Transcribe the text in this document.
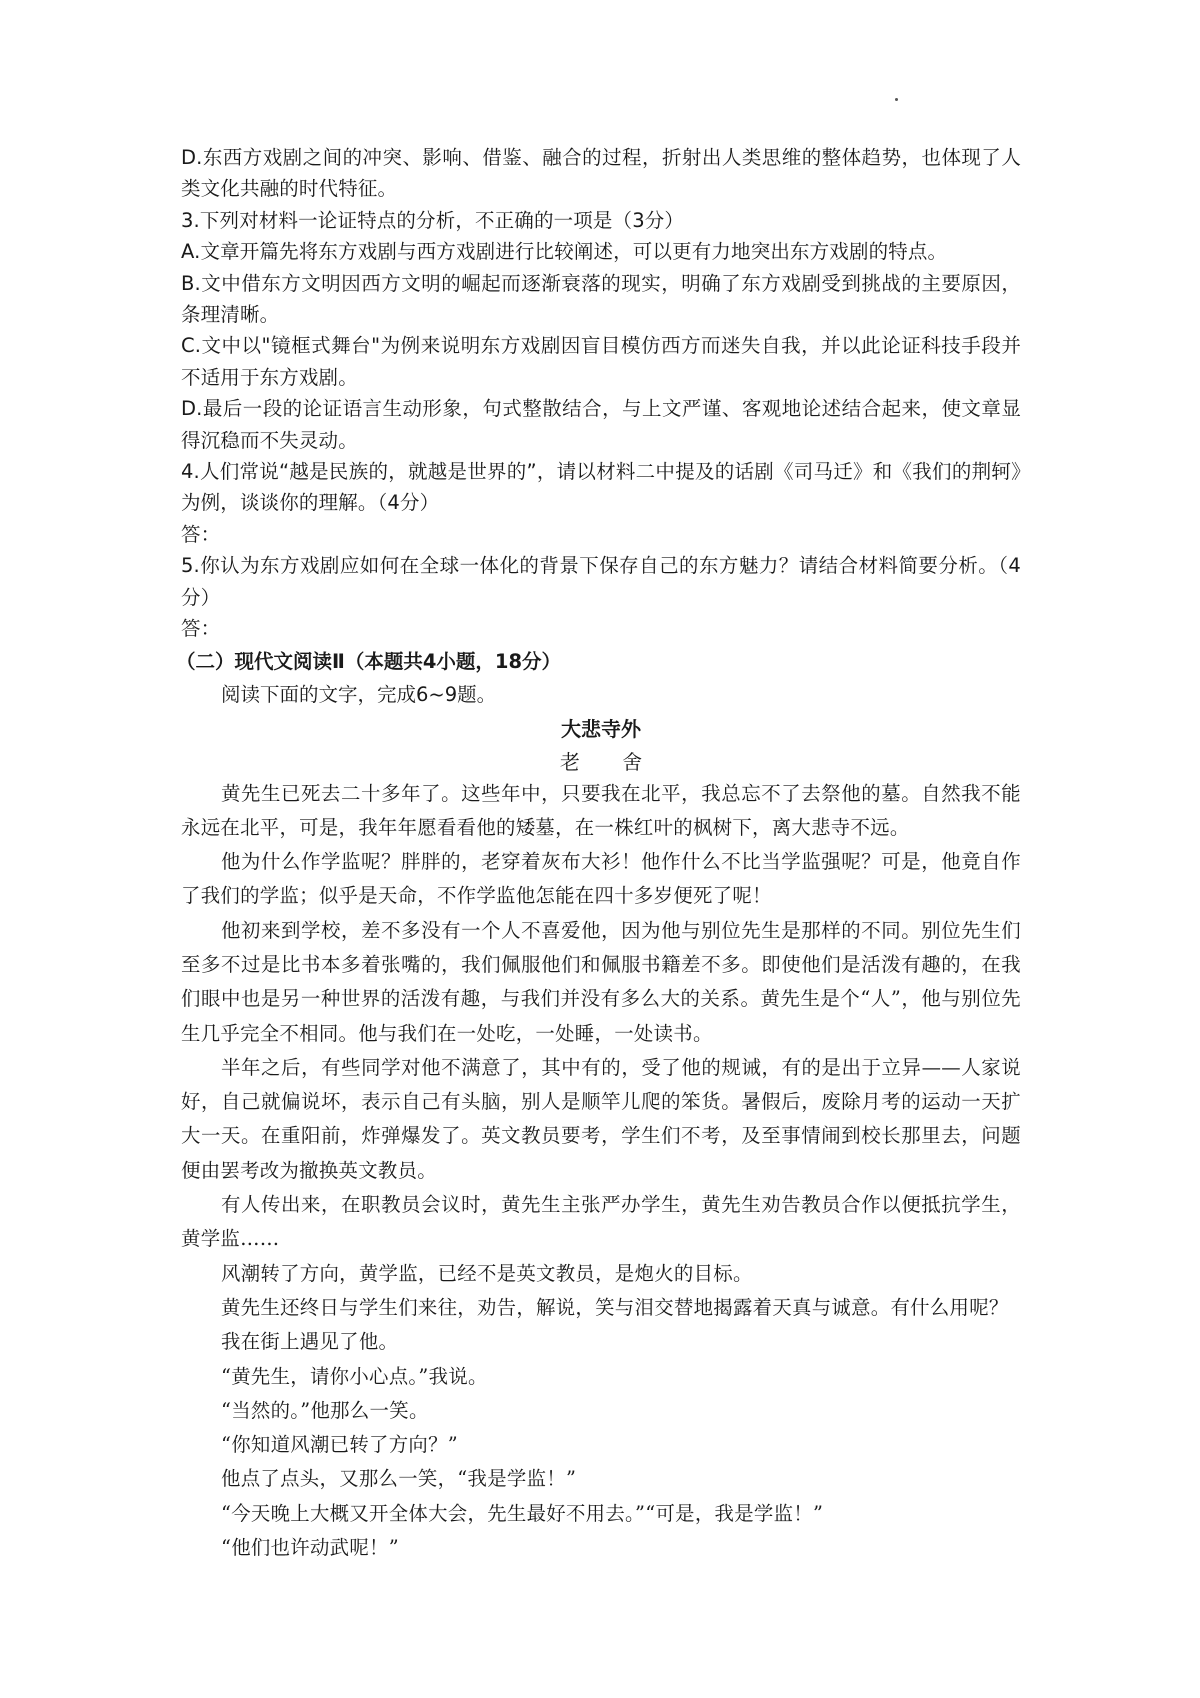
D.东西方戏剧之间的冲突、影响、借鉴、融合的过程，折射出人类思维的整体趋势，也体现了人类文化共融的时代特征。

3.下列对材料一论证特点的分析，不正确的一项是（3分）

A.文章开篇先将东方戏剧与西方戏剧进行比较阐述，可以更有力地突出东方戏剧的特点。

B.文中借东方文明因西方文明的崛起而逐渐衰落的现实，明确了东方戏剧受到挑战的主要原因，条理清晰。

C.文中以"镜框式舞台"为例来说明东方戏剧因盲目模仿西方而迷失自我，并以此论证科技手段并不适用于东方戏剧。

D.最后一段的论证语言生动形象，句式整散结合，与上文严谨、客观地论述结合起来，使文章显得沉稳而不失灵动。

4.人们常说“越是民族的，就越是世界的”，请以材料二中提及的话剧《司马迁》和《我们的荆轲》为例，谈谈你的理解。（4分）

答：

5.你认为东方戏剧应如何在全球一体化的背景下保存自己的东方魅力？请结合材料简要分析。（4分）

答：

（二）现代文阅读Ⅱ（本题共4小题，18分）

阅读下面的文字，完成6~9题。

大悲寺外

老 舍

黄先生已死去二十多年了。这些年中，只要我在北平，我总忘不了去祭他的墓。自然我不能永远在北平，可是，我年年愿看看他的矮墓，在一株红叶的枫树下，离大悲寺不远。

他为什么作学监呢？胖胖的，老穿着灰布大衫！他作什么不比当学监强呢？可是，他竟自作了我们的学监；似乎是天命，不作学监他怎能在四十多岁便死了呢！

他初来到学校，差不多没有一个人不喜爱他，因为他与别位先生是那样的不同。别位先生们至多不过是比书本多着张嘴的，我们佩服他们和佩服书籍差不多。即使他们是活泼有趣的，在我们眼中也是另一种世界的活泼有趣，与我们并没有多么大的关系。黄先生是个“人”，他与别位先生几乎完全不相同。他与我们在一处吃，一处睡，一处读书。

半年之后，有些同学对他不满意了，其中有的，受了他的规诫，有的是出于立异——人家说好，自己就偏说坏，表示自己有头脑，别人是顺竿儿爬的笨货。暑假后，废除月考的运动一天扩大一天。在重阳前，炸弹爆发了。英文教员要考，学生们不考，及至事情闹到校长那里去，问题便由罢考改为撤换英文教员。

有人传出来，在职教员会议时，黄先生主张严办学生，黄先生劝告教员合作以便抵抗学生，黄学监……

风潮转了方向，黄学监，已经不是英文教员，是炮火的目标。

黄先生还终日与学生们来往，劝告，解说，笑与泪交替地揭露着天真与诚意。有什么用呢？

我在街上遇见了他。

“黄先生，请你小心点。”我说。

“当然的。”他那么一笑。

“你知道风潮已转了方向？”

他点了点头，又那么一笑，“我是学监！”

“今天晚上大概又开全体大会，先生最好不用去。”“可是，我是学监！”

“他们也许动武呢！”
